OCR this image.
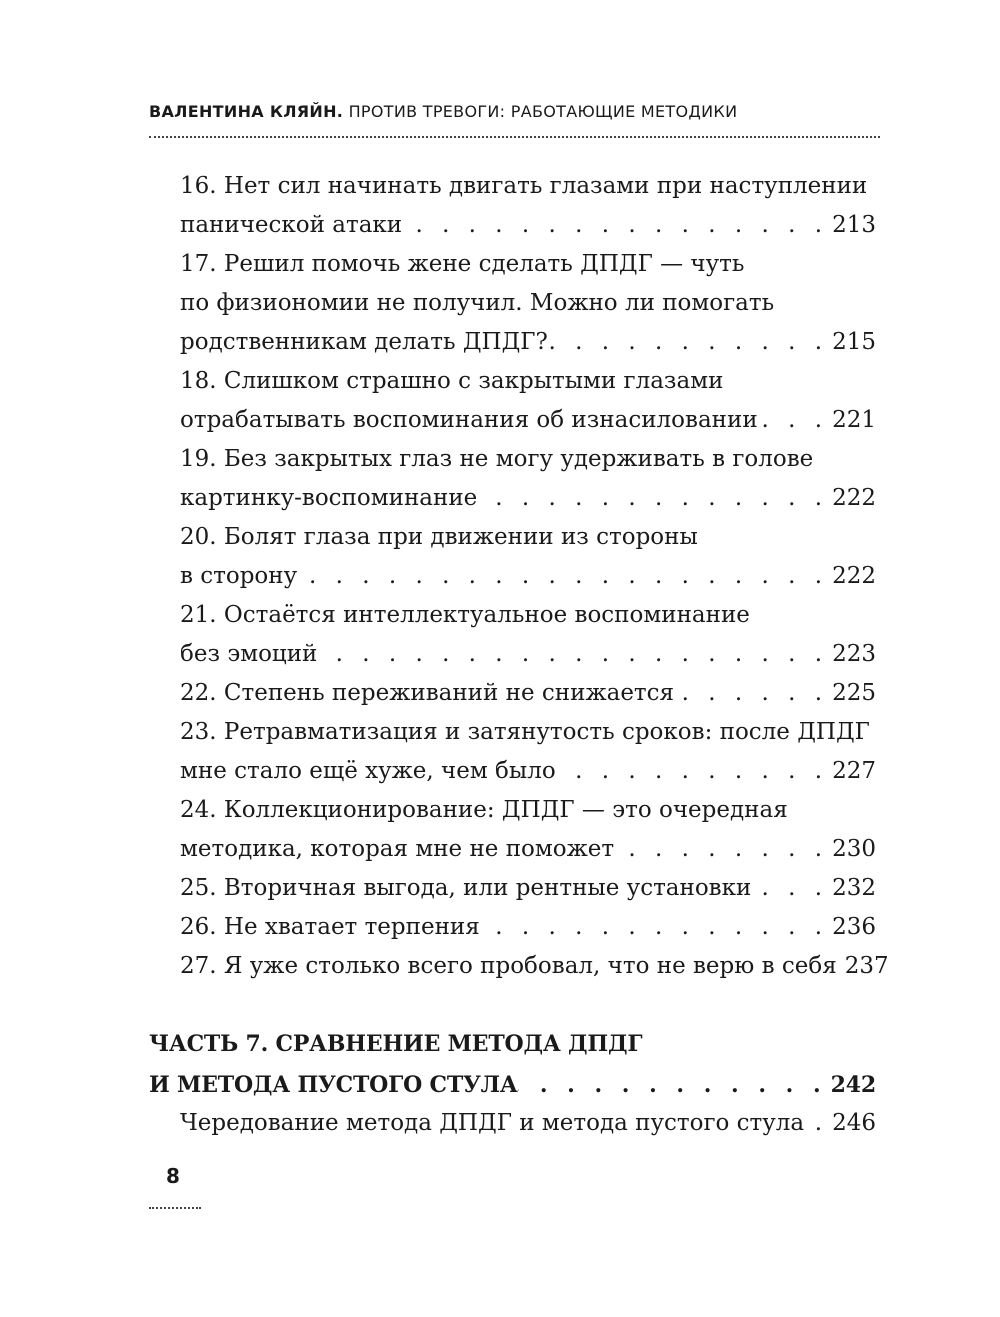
ВАЛЕНТИНА КЛЯЙН. ПРОТИВ ТРЕВОГИ: РАБОТАЮЩИЕ МЕТОДИКИ
16. Нет сил начинать двигать глазами при наступлении
панической атаки . . .	213
17. Решил помочь жене сделать ДПДГ — чуть
по физиономии не получил. Можно ли помогать
родственникам делать ДПДГ? . . .	215
18. Слишком страшно с закрытыми глазами
отрабатывать воспоминания об изнасиловании . . .	221
19. Без закрытых глаз не могу удерживать в голове
картинку-воспоминание . . .	222
20. Болят глаза при движении из стороны
в сторону . . .	222
21. Остаётся интеллектуальное воспоминание
без эмоций . . .	223
22. Степень переживаний не снижается . . .	225
23. Ретравматизация и затянутость сроков: после ДПДГ
мне стало ещё хуже, чем было . . .	227
24. Коллекционирование: ДПДГ — это очередная
методика, которая мне не поможет . . .	230
25. Вторичная выгода, или рентные установки . . .	232
26. Не хватает терпения . . .	236
27. Я уже столько всего пробовал, что не верю в себя . . . 237
ЧАСТЬ 7. СРАВНЕНИЕ МЕТОДА ДПДГ
И МЕТОДА ПУСТОГО СТУЛА . . .	242
Чередование метода ДПДГ и метода пустого стула . . . 246
8
